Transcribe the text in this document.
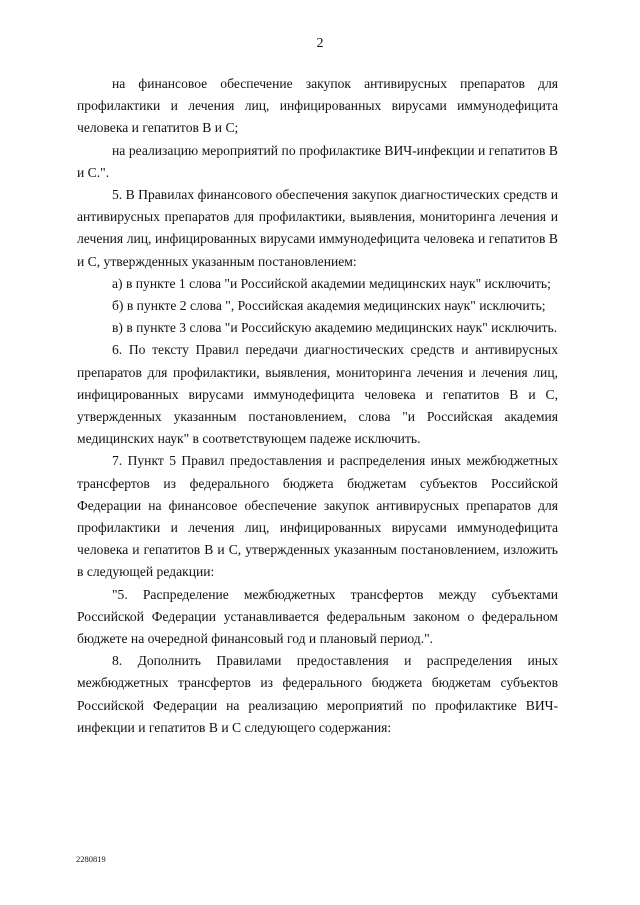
2

на финансовое обеспечение закупок антивирусных препаратов для профилактики и лечения лиц, инфицированных вирусами иммунодефицита человека и гепатитов В и С;

на реализацию мероприятий по профилактике ВИЧ-инфекции и гепатитов В и С.".

5. В Правилах финансового обеспечения закупок диагностических средств и антивирусных препаратов для профилактики, выявления, мониторинга лечения и лечения лиц, инфицированных вирусами иммунодефицита человека и гепатитов В и С, утвержденных указанным постановлением:

а) в пункте 1 слова "и Российской академии медицинских наук" исключить;

б) в пункте 2 слова ", Российская академия медицинских наук" исключить;

в) в пункте 3 слова "и Российскую академию медицинских наук" исключить.

6. По тексту Правил передачи диагностических средств и антивирусных препаратов для профилактики, выявления, мониторинга лечения и лечения лиц, инфицированных вирусами иммунодефицита человека и гепатитов В и С, утвержденных указанным постановлением, слова "и Российская академия медицинских наук" в соответствующем падеже исключить.

7. Пункт 5 Правил предоставления и распределения иных межбюджетных трансфертов из федерального бюджета бюджетам субъектов Российской Федерации на финансовое обеспечение закупок антивирусных препаратов для профилактики и лечения лиц, инфицированных вирусами иммунодефицита человека и гепатитов В и С, утвержденных указанным постановлением, изложить в следующей редакции:

"5. Распределение межбюджетных трансфертов между субъектами Российской Федерации устанавливается федеральным законом о федеральном бюджете на очередной финансовый год и плановый период.".

8. Дополнить Правилами предоставления и распределения иных межбюджетных трансфертов из федерального бюджета бюджетам субъектов Российской Федерации на реализацию мероприятий по профилактике ВИЧ-инфекции и гепатитов В и С следующего содержания:

2280819
